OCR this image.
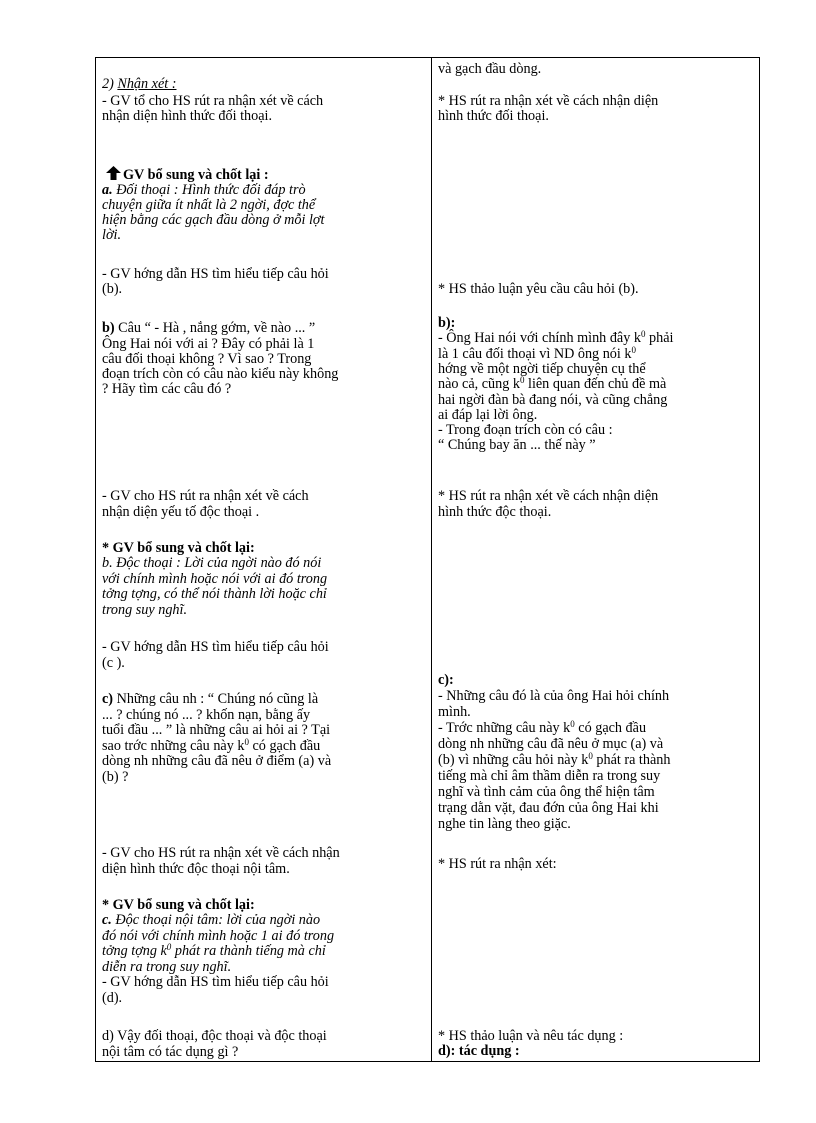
2) Nhận xét :
- GV tổ cho HS rút ra nhận xét về cách
nhận diện hình thức đối thoại.
GV bổ sung và chốt lại :
a. Đối thoại : Hình thức đối đáp trò
chuyện giữa ít nhất là 2 ngời, đợc thể
hiện bằng các gạch đầu dòng ở mỗi lợt
lời.
- GV hớng dẫn HS tìm hiểu tiếp câu hỏi
(b).
b) Câu “ - Hà , nắng gớm, về nào ... ”
Ông Hai nói với ai ? Đây có phải là 1
câu đối thoại không ? Vì sao ? Trong
đoạn trích còn có câu nào kiểu này không
? Hãy tìm các câu đó ?
- GV cho HS rút ra nhận xét về cách
nhận diện yếu tố độc thoại .
* GV bổ sung và chốt lại:
b. Độc thoại : Lời của ngời nào đó nói
với chính mình hoặc nói với ai đó trong
tởng tợng, có thể nói thành lời hoặc chỉ
trong suy nghĩ.
- GV hớng dẫn HS tìm hiểu tiếp câu hỏi
(c ).
c) Những câu nh : “ Chúng nó cũng là
... ? chúng nó ... ? khốn nạn, bằng ấy
tuổi đầu ... ” là những câu ai hỏi ai ? Tại
sao trớc những câu này $k^0$ có gạch đầu
dòng nh những câu đã nêu ở điểm (a) và
(b) ?
- GV cho HS rút ra nhận xét về cách nhận
diện hình thức độc thoại nội tâm.
* GV bổ sung và chốt lại:
c. Độc thoại nội tâm: lời của ngời nào
đó nói với chính mình hoặc 1 ai đó trong
tởng tợng $k^0$ phát ra thành tiếng mà chỉ
diễn ra trong suy nghĩ.
- GV hớng dẫn HS tìm hiểu tiếp câu hỏi
(d).
d) Vậy đối thoại, độc thoại và độc thoại
nội tâm có tác dụng gì ?
và gạch đầu dòng.
* HS rút ra nhận xét về cách nhận diện
hình thức đối thoại.
* HS thảo luận yêu cầu câu hỏi (b).
b):
- Ông Hai nói với chính mình đây $k^0$ phải
là 1 câu đối thoại vì ND ông nói $k^0$
hớng về một ngời tiếp chuyện cụ thể
nào cả, cũng $k^0$ liên quan đến chủ đề mà
hai ngời đàn bà đang nói, và cũng chẳng
ai đáp lại lời ông.
- Trong đoạn trích còn có câu :
“ Chúng bay ăn ... thế này ”
* HS rút ra nhận xét về cách nhận diện
hình thức độc thoại.
c):
- Những câu đó là của ông Hai hỏi chính
mình.
- Trớc những câu này $k^0$ có gạch đầu
dòng nh những câu đã nêu ở mục (a) và
(b) vì những câu hỏi này $k^0$ phát ra thành
tiếng mà chỉ âm thầm diễn ra trong suy
nghĩ và tình cảm của ông thể hiện tâm
trạng dằn vặt, đau đớn của ông Hai khi
nghe tin làng theo giặc.
* HS rút ra nhận xét:
* HS thảo luận và nêu tác dụng :
d): tác dụng :
